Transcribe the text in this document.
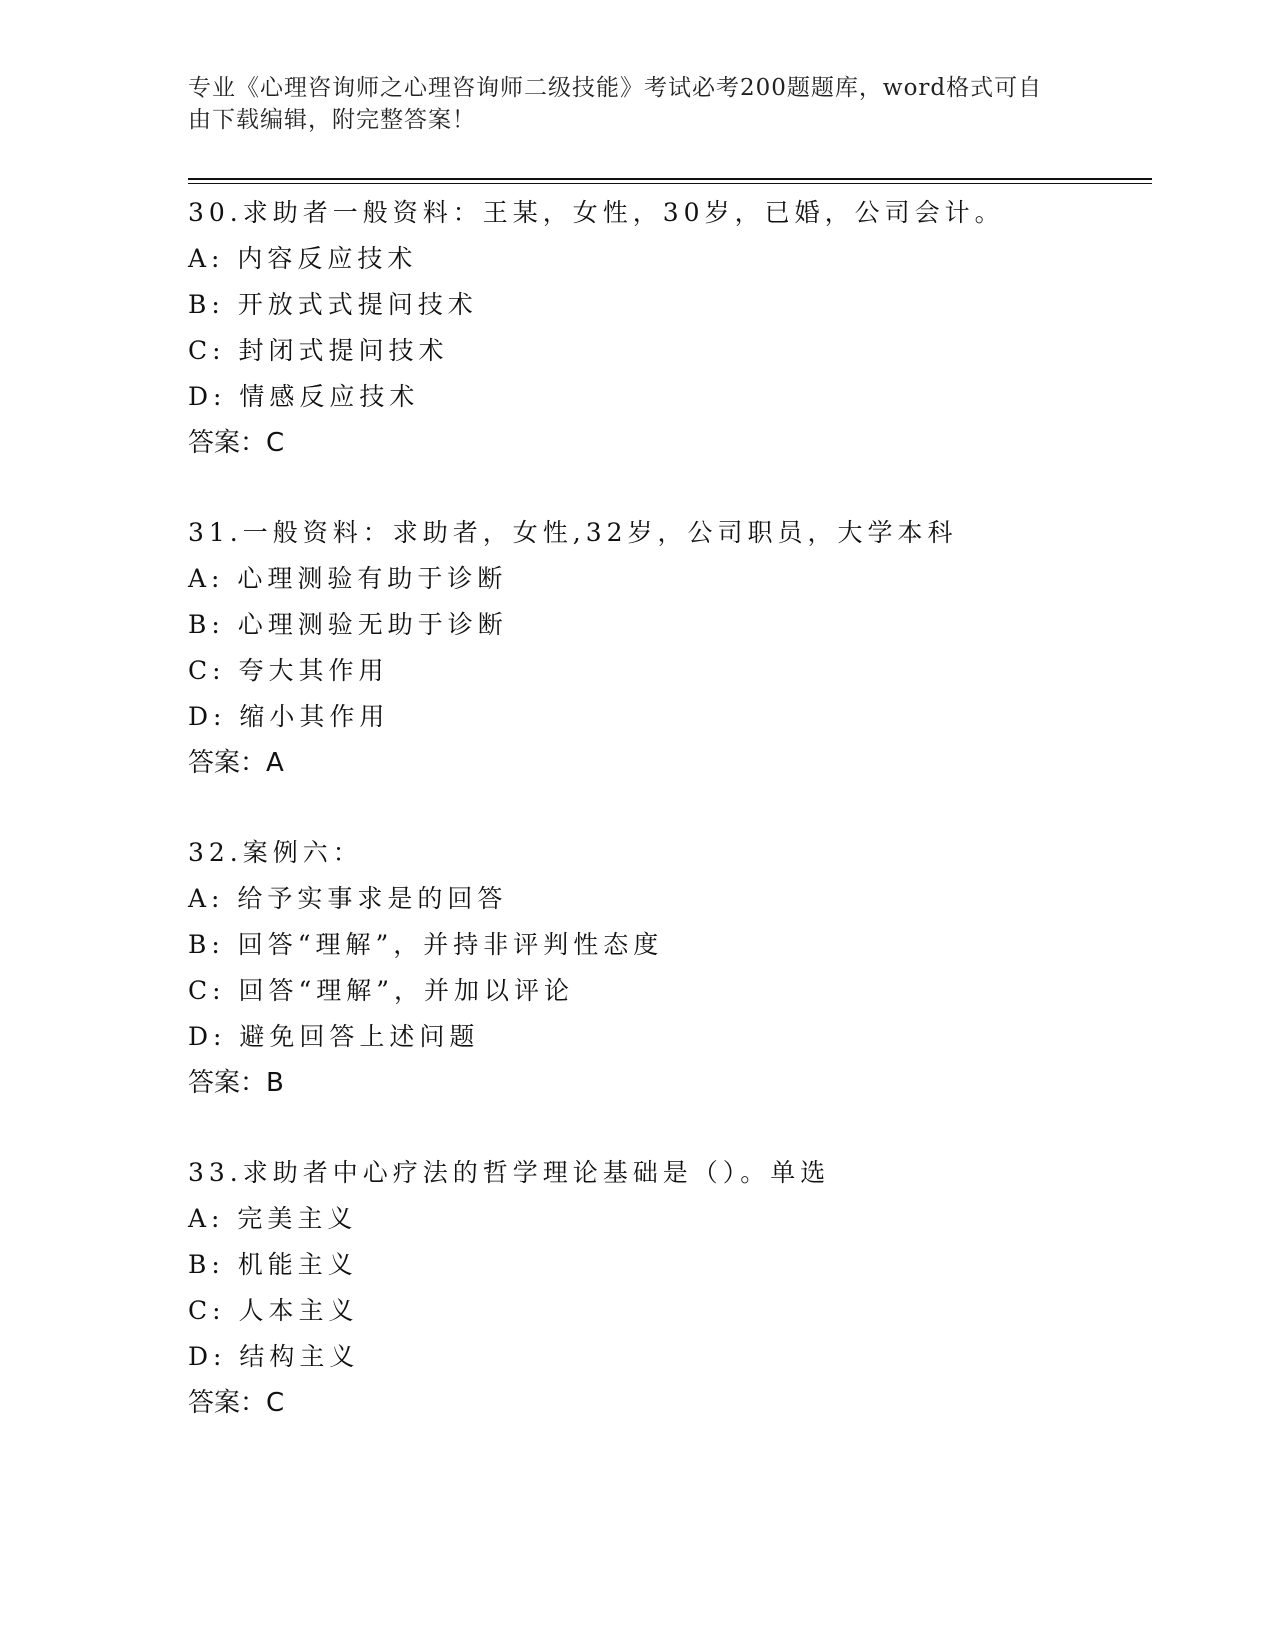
专业《心理咨询师之心理咨询师二级技能》考试必考200题题库，word格式可自
由下载编辑，附完整答案！
30.求助者一般资料：王某，女性，30岁，已婚，公司会计。
A: 内容反应技术
B: 开放式式提问技术
C: 封闭式提问技术
D: 情感反应技术
答案：C
31.一般资料：求助者，女性,32岁，公司职员，大学本科
A: 心理测验有助于诊断
B: 心理测验无助于诊断
C: 夸大其作用
D: 缩小其作用
答案：A
32.案例六：
A: 给予实事求是的回答
B: 回答“理解”，并持非评判性态度
C: 回答“理解”，并加以评论
D: 避免回答上述问题
答案：B
33.求助者中心疗法的哲学理论基础是（）。单选
A: 完美主义
B: 机能主义
C: 人本主义
D: 结构主义
答案：C
